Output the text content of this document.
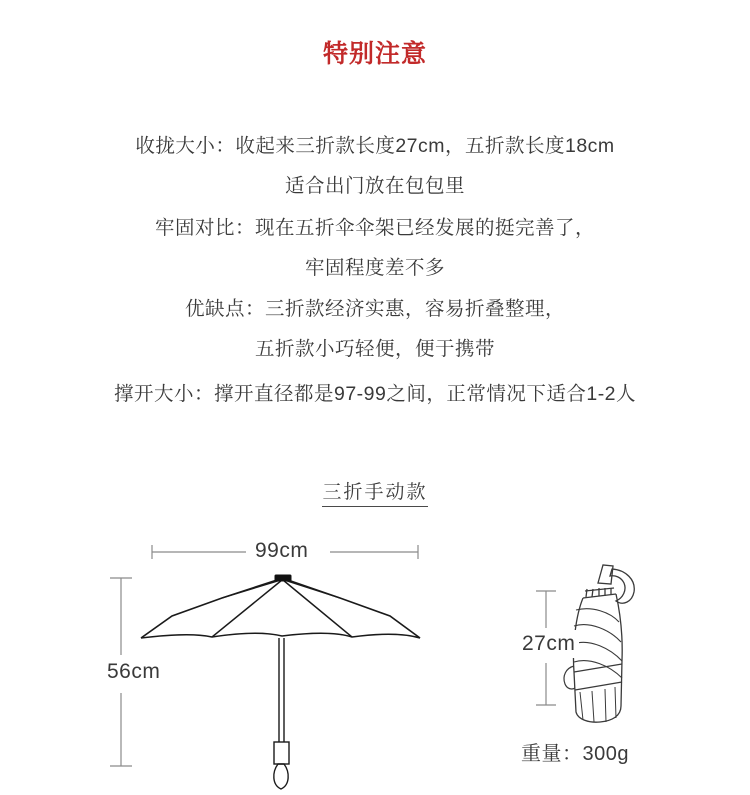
特别注意
收拢大小：收起来三折款长度27cm，五折款长度18cm
适合出门放在包包里
牢固对比：现在五折伞伞架已经发展的挺完善了，
牢固程度差不多
优缺点：三折款经济实惠，容易折叠整理，
五折款小巧轻便，便于携带
撑开大小：撑开直径都是97-99之间，正常情况下适合1-2人
三折手动款
99cm
56cm
27cm
重量：300g
